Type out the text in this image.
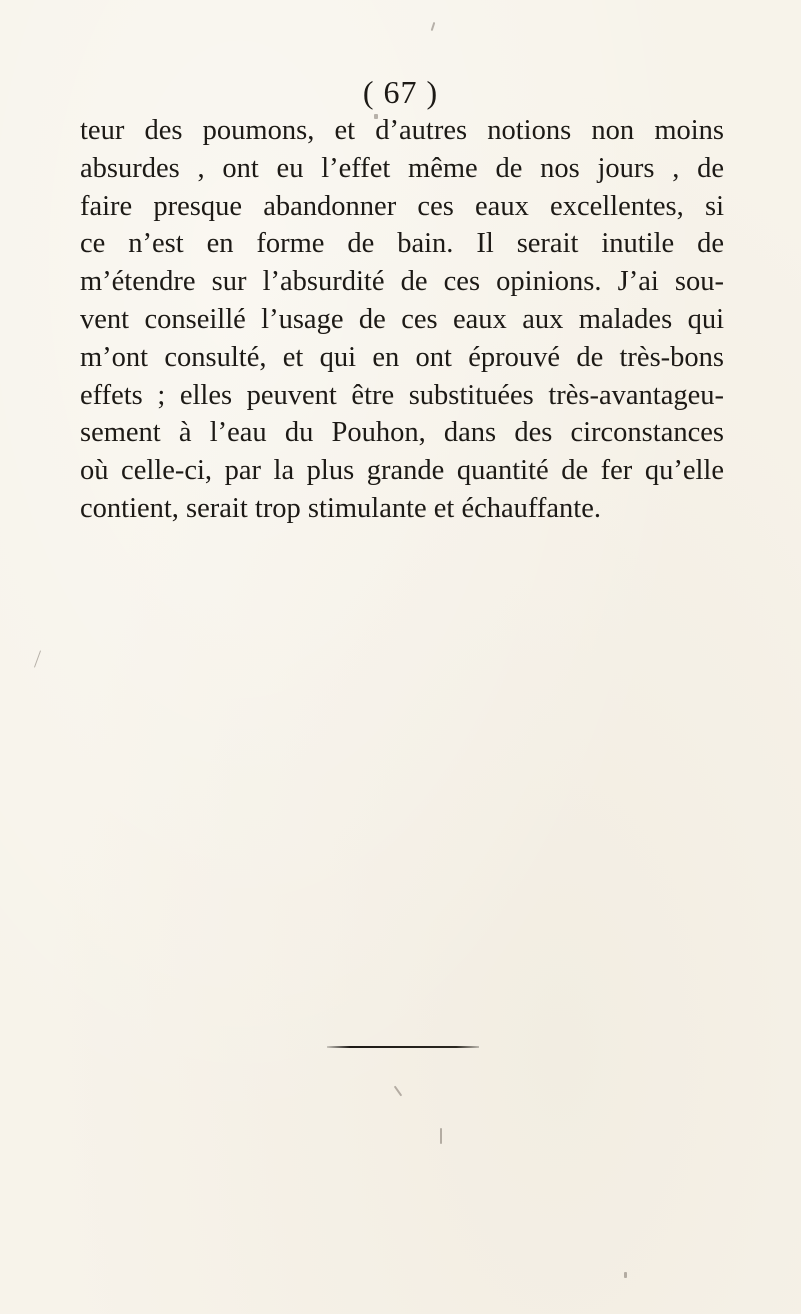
( 67 )
teur des poumons, et d’autres notions non moins
absurdes , ont eu l’effet même de nos jours , de
faire presque abandonner ces eaux excellentes, si
ce n’est en forme de bain. Il serait inutile de
m’étendre sur l’absurdité de ces opinions. J’ai sou-
vent conseillé l’usage de ces eaux aux malades qui
m’ont consulté, et qui en ont éprouvé de très-bons
effets ; elles peuvent être substituées très-avantageu-
sement à l’eau du Pouhon, dans des circonstances
où celle-ci, par la plus grande quantité de fer qu’elle
contient, serait trop stimulante et échauffante.
